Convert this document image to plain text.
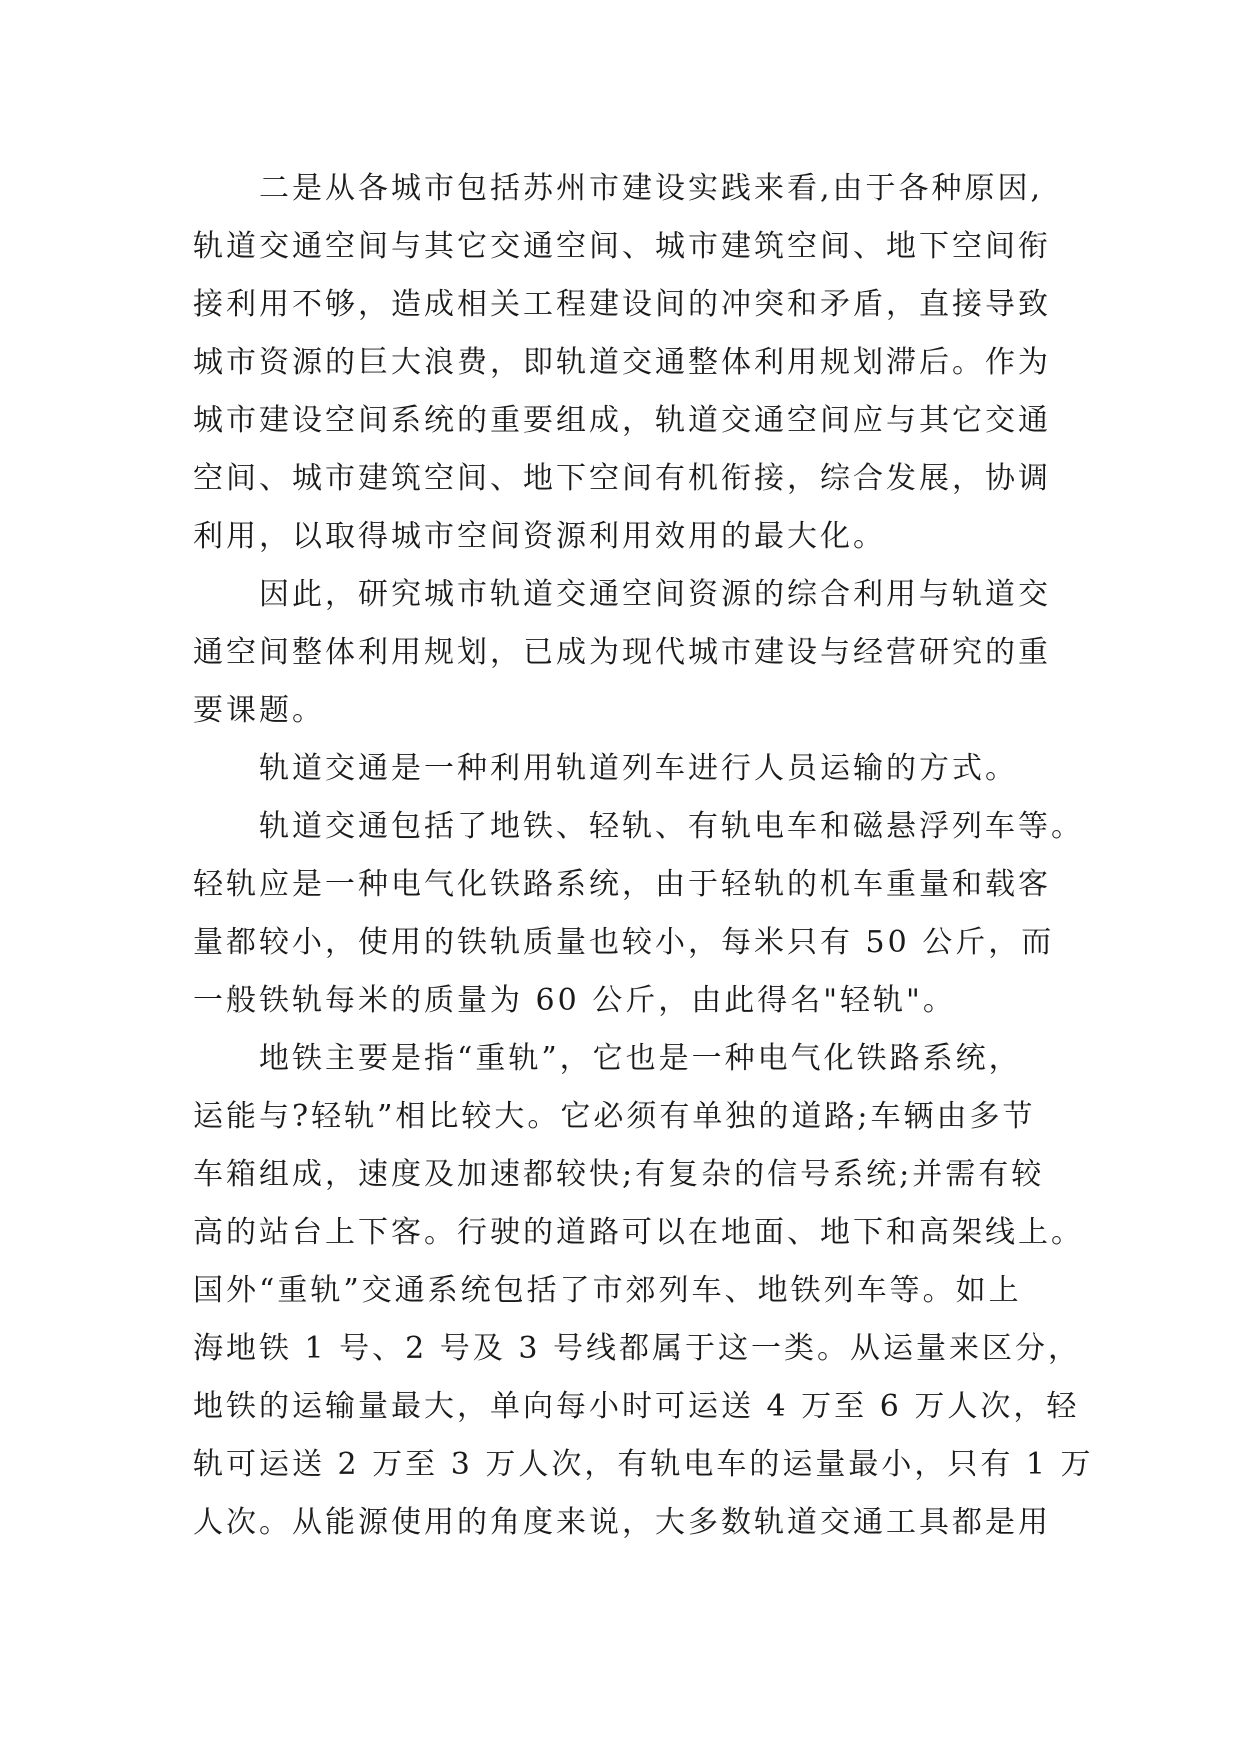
　　二是从各城市包括苏州市建设实践来看,由于各种原因,
轨道交通空间与其它交通空间、城市建筑空间、地下空间衔
接利用不够，造成相关工程建设间的冲突和矛盾，直接导致
城市资源的巨大浪费，即轨道交通整体利用规划滞后。作为
城市建设空间系统的重要组成，轨道交通空间应与其它交通
空间、城市建筑空间、地下空间有机衔接，综合发展，协调
利用，以取得城市空间资源利用效用的最大化。
　　因此，研究城市轨道交通空间资源的综合利用与轨道交
通空间整体利用规划，已成为现代城市建设与经营研究的重
要课题。
　　轨道交通是一种利用轨道列车进行人员运输的方式。
　　轨道交通包括了地铁、轻轨、有轨电车和磁悬浮列车等。
轻轨应是一种电气化铁路系统，由于轻轨的机车重量和载客
量都较小，使用的铁轨质量也较小，每米只有 50 公斤，而
一般铁轨每米的质量为 60 公斤，由此得名"轻轨"。
　　地铁主要是指“重轨”，它也是一种电气化铁路系统，
运能与?轻轨”相比较大。它必须有单独的道路;车辆由多节
车箱组成，速度及加速都较快;有复杂的信号系统;并需有较
高的站台上下客。行驶的道路可以在地面、地下和高架线上。
国外“重轨”交通系统包括了市郊列车、地铁列车等。如上
海地铁 1 号、2 号及 3 号线都属于这一类。从运量来区分，
地铁的运输量最大，单向每小时可运送 4 万至 6 万人次，轻
轨可运送 2 万至 3 万人次，有轨电车的运量最小，只有 1 万
人次。从能源使用的角度来说，大多数轨道交通工具都是用
